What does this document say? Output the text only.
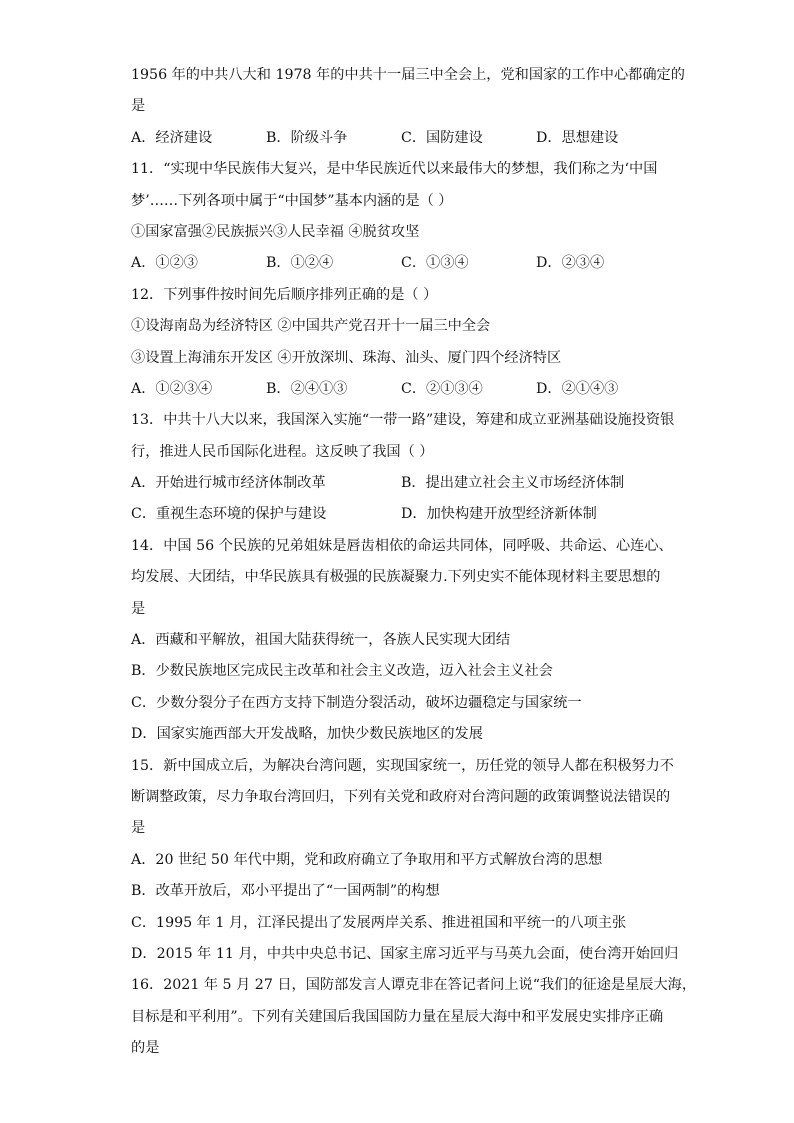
1956 年的中共八大和 1978 年的中共十一届三中全会上，党和国家的工作中心都确定的
是
A．经济建设	B．阶级斗争	C．国防建设	D．思想建设
11．“实现中华民族伟大复兴，是中华民族近代以来最伟大的梦想，我们称之为‘中国
梦’……下列各项中属于“中国梦”基本内涵的是（ ）
①国家富强②民族振兴③人民幸福 ④脱贫攻坚
A．①②③	B．①②④	C．①③④	D．②③④
12．下列事件按时间先后顺序排列正确的是（ ）
①设海南岛为经济特区 ②中国共产党召开十一届三中全会
③设置上海浦东开发区 ④开放深圳、珠海、汕头、厦门四个经济特区
A．①②③④	B．②④①③	C．②①③④	D．②①④③
13．中共十八大以来，我国深入实施“一带一路”建设，筹建和成立亚洲基础设施投资银
行，推进人民币国际化进程。这反映了我国（ ）
A．开始进行城市经济体制改革	B．提出建立社会主义市场经济体制
C．重视生态环境的保护与建设	D．加快构建开放型经济新体制
14．中国 56 个民族的兄弟姐妹是唇齿相依的命运共同体，同呼吸、共命运、心连心、
均发展、大团结，中华民族具有极强的民族凝聚力.下列史实不能体现材料主要思想的
是
A．西藏和平解放，祖国大陆获得统一，各族人民实现大团结
B．少数民族地区完成民主改革和社会主义改造，迈入社会主义社会
C．少数分裂分子在西方支持下制造分裂活动，破坏边疆稳定与国家统一
D．国家实施西部大开发战略，加快少数民族地区的发展
15．新中国成立后，为解决台湾问题，实现国家统一，历任党的领导人都在积极努力不
断调整政策，尽力争取台湾回归，下列有关党和政府对台湾问题的政策调整说法错误的
是
A．20 世纪 50 年代中期，党和政府确立了争取用和平方式解放台湾的思想
B．改革开放后，邓小平提出了“一国两制”的构想
C．1995 年 1 月，江泽民提出了发展两岸关系、推进祖国和平统一的八项主张
D．2015 年 11 月，中共中央总书记、国家主席习近平与马英九会面，使台湾开始回归
16．2021 年 5 月 27 日，国防部发言人谭克非在答记者问上说“我们的征途是星辰大海，
目标是和平利用”。下列有关建国后我国国防力量在星辰大海中和平发展史实排序正确
的是
